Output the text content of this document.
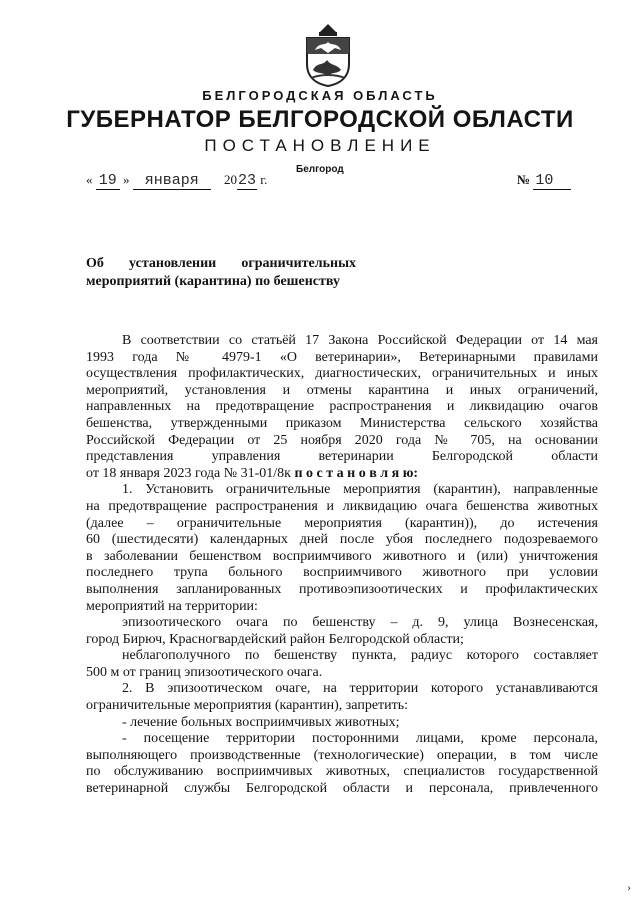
БЕЛГОРОДСКАЯ ОБЛАСТЬ
ГУБЕРНАТОР БЕЛГОРОДСКОЙ ОБЛАСТИ
ПОСТАНОВЛЕНИЕ
Белгород
« 19 » января 2023 г.	№ 10
Об установлении ограничительных
мероприятий (карантина) по бешенству
В соответствии со статьёй 17 Закона Российской Федерации от 14 мая
1993 года № 4979-1 «О ветеринарии», Ветеринарными правилами
осуществления профилактических, диагностических, ограничительных и иных
мероприятий, установления и отмены карантина и иных ограничений,
направленных на предотвращение распространения и ликвидацию очагов
бешенства, утвержденными приказом Министерства сельского хозяйства
Российской Федерации от 25 ноября 2020 года № 705, на основании
представления управления ветеринарии Белгородской области
от 18 января 2023 года № 31-01/8к п о с т а н о в л я ю:
1. Установить ограничительные мероприятия (карантин), направленные
на предотвращение распространения и ликвидацию очага бешенства животных
(далее – ограничительные мероприятия (карантин)), до истечения
60 (шестидесяти) календарных дней после убоя последнего подозреваемого
в заболевании бешенством восприимчивого животного и (или) уничтожения
последнего трупа больного восприимчивого животного при условии
выполнения запланированных противоэпизоотических и профилактических
мероприятий на территории:
эпизоотического очага по бешенству – д. 9, улица Вознесенская,
город Бирюч, Красногвардейский район Белгородской области;
неблагополучного по бешенству пункта, радиус которого составляет
500 м от границ эпизоотического очага.
2. В эпизоотическом очаге, на территории которого устанавливаются
ограничительные мероприятия (карантин), запретить:
- лечение больных восприимчивых животных;
- посещение территории посторонними лицами, кроме персонала,
выполняющего производственные (технологические) операции, в том числе
по обслуживанию восприимчивых животных, специалистов государственной
ветеринарной службы Белгородской области и персонала, привлеченного
›
